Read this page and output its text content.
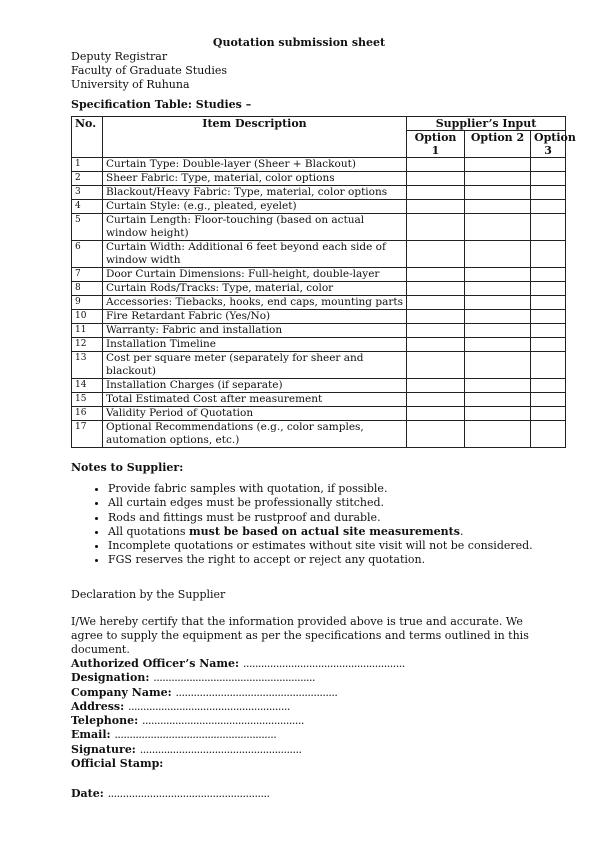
Quotation submission sheet
Deputy Registrar
Faculty of Graduate Studies
University of Ruhuna
Specification Table: Studies –
No.	Item Description	Supplier’s Input		
		Option 1	Option 2	Option 3
1	Curtain Type: Double-layer (Sheer + Blackout)			
2	Sheer Fabric: Type, material, color options			
3	Blackout/Heavy Fabric: Type, material, color options			
4	Curtain Style: (e.g., pleated, eyelet)			
5	Curtain Length: Floor-touching (based on actual window height)			
6	Curtain Width: Additional 6 feet beyond each side of window width			
7	Door Curtain Dimensions: Full-height, double-layer			
8	Curtain Rods/Tracks: Type, material, color			
9	Accessories: Tiebacks, hooks, end caps, mounting parts			
10	Fire Retardant Fabric (Yes/No)			
11	Warranty: Fabric and installation			
12	Installation Timeline			
13	Cost per square meter (separately for sheer and blackout)			
14	Installation Charges (if separate)			
15	Total Estimated Cost after measurement			
16	Validity Period of Quotation			
17	Optional Recommendations (e.g., color samples, automation options, etc.)			
Notes to Supplier:
• Provide fabric samples with quotation, if possible.
• All curtain edges must be professionally stitched.
• Rods and fittings must be rustproof and durable.
• All quotations must be based on actual site measurements.
• Incomplete quotations or estimates without site visit will not be considered.
• FGS reserves the right to accept or reject any quotation.
Declaration by the Supplier
I/We hereby certify that the information provided above is true and accurate. We agree to supply the equipment as per the specifications and terms outlined in this document.
Authorized Officer’s Name: ......................................................
Designation: ......................................................
Company Name: ......................................................
Address: ......................................................
Telephone: ......................................................
Email: ......................................................
Signature: ......................................................
Official Stamp:
Date: ......................................................
